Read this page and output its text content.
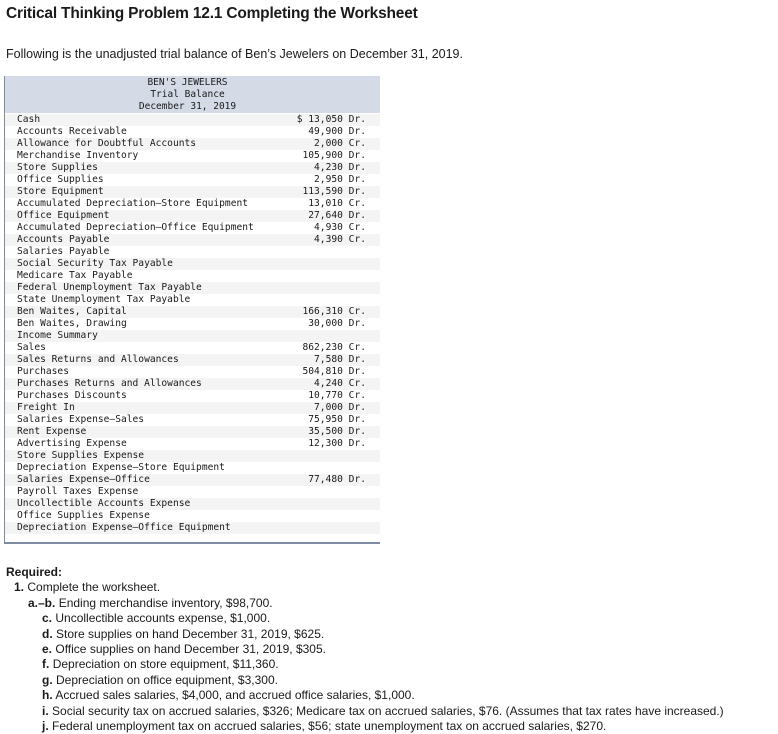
Critical Thinking Problem 12.1 Completing the Worksheet
Following is the unadjusted trial balance of Ben’s Jewelers on December 31, 2019.
BEN'S JEWELERS
Trial Balance
December 31, 2019
Cash	$ 13,050 Dr.
Accounts Receivable	49,900 Dr.
Allowance for Doubtful Accounts	2,000 Cr.
Merchandise Inventory	105,900 Dr.
Store Supplies	4,230 Dr.
Office Supplies	2,950 Dr.
Store Equipment	113,590 Dr.
Accumulated Depreciation—Store Equipment	13,010 Cr.
Office Equipment	27,640 Dr.
Accumulated Depreciation—Office Equipment	4,930 Cr.
Accounts Payable	4,390 Cr.
Salaries Payable
Social Security Tax Payable
Medicare Tax Payable
Federal Unemployment Tax Payable
State Unemployment Tax Payable
Ben Waites, Capital	166,310 Cr.
Ben Waites, Drawing	30,000 Dr.
Income Summary
Sales	862,230 Cr.
Sales Returns and Allowances	7,580 Dr.
Purchases	504,810 Dr.
Purchases Returns and Allowances	4,240 Cr.
Purchases Discounts	10,770 Cr.
Freight In	7,000 Dr.
Salaries Expense—Sales	75,950 Dr.
Rent Expense	35,500 Dr.
Advertising Expense	12,300 Dr.
Store Supplies Expense
Depreciation Expense—Store Equipment
Salaries Expense—Office	77,480 Dr.
Payroll Taxes Expense
Uncollectible Accounts Expense
Office Supplies Expense
Depreciation Expense—Office Equipment
Required:
1. Complete the worksheet.
a.–b. Ending merchandise inventory, $98,700.
c. Uncollectible accounts expense, $1,000.
d. Store supplies on hand December 31, 2019, $625.
e. Office supplies on hand December 31, 2019, $305.
f. Depreciation on store equipment, $11,360.
g. Depreciation on office equipment, $3,300.
h. Accrued sales salaries, $4,000, and accrued office salaries, $1,000.
i. Social security tax on accrued salaries, $326; Medicare tax on accrued salaries, $76. (Assumes that tax rates have increased.)
j. Federal unemployment tax on accrued salaries, $56; state unemployment tax on accrued salaries, $270.
